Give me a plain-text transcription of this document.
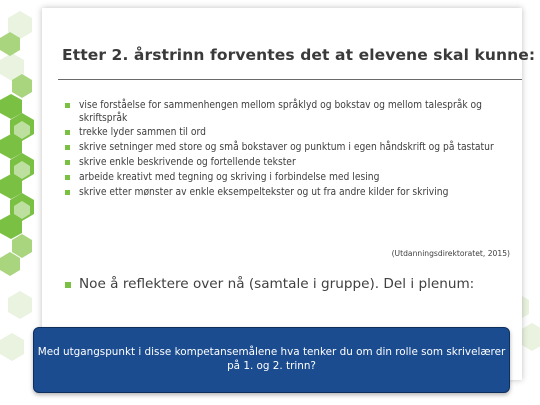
Etter 2. årstrinn forventes det at elevene skal kunne:
vise forståelse for sammenhengen mellom språklyd og bokstav og mellom talespråk og skriftspråk
trekke lyder sammen til ord
skrive setninger med store og små bokstaver og punktum i egen håndskrift og på tastatur
skrive enkle beskrivende og fortellende tekster
arbeide kreativt med tegning og skriving i forbindelse med lesing
skrive etter mønster av enkle eksempeltekster og ut fra andre kilder for skriving
(Utdanningsdirektoratet, 2015)
Noe å reflektere over nå (samtale i gruppe). Del i plenum:
Med utgangspunkt i disse kompetansemålene hva tenker du om din rolle som skrivelærer på 1. og 2. trinn?
